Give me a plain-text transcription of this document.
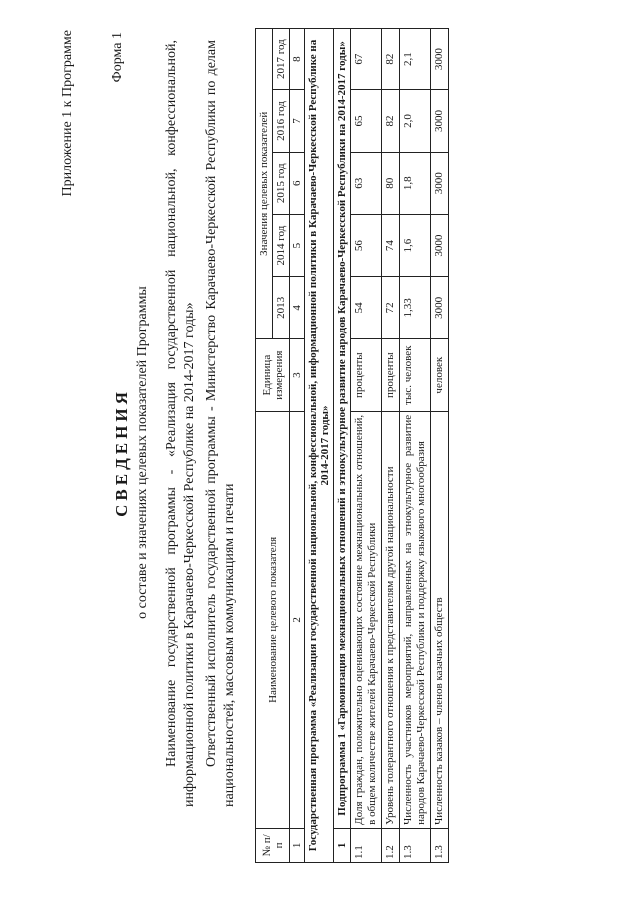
Приложение 1 к Программе	Форма 1
СВЕДЕНИЯ о составе и значениях целевых показателей Программы Наименование государственной программы - «Реализация государственной национальной, конфессиональной, информационной политики в Карачаево-Черкесской Республике на 2014-2017 годы» Ответственный исполнитель государственной программы - Министерство Карачаево-Черкесской Республики по делам национальностей, массовым коммуникациям и печати
№ п/п	Наименование целевого показателя	Единица измерения	Значения целевых показателей				
			2013	2014 год	2015 год	2016 год	2017 год
1	2	3	4	5	6	7	8
Государственная программа «Реализация государственной национальной, конфессиональной, информационной политики в Карачаево-Черкесской Республике на 2014-2017 годы»							
1	Подпрограмма 1 «Гармонизация межнациональных отношений и этнокультурное развитие народов Карачаево-Черкесской Республики на 2014-2017 годы»						
1.1	Доля граждан, положительно оценивающих состояние межнациональных отношений, в общем количестве жителей Карачаево-Черкесской Республики	проценты	54	56	63	65	67
1.2	Уровень толерантного отношения к представителям другой национальности	проценты	72	74	80	82	82
1.3	Численность участников мероприятий, направленных на этнокультурное развитие народов Карачаево-Черкесской Республики и поддержку языкового многообразия	тыс. человек	1,33	1,6	1,8	2,0	2,1
1.3	Численность казаков – членов казачьих обществ	человек	3000	3000	3000	3000	3000
